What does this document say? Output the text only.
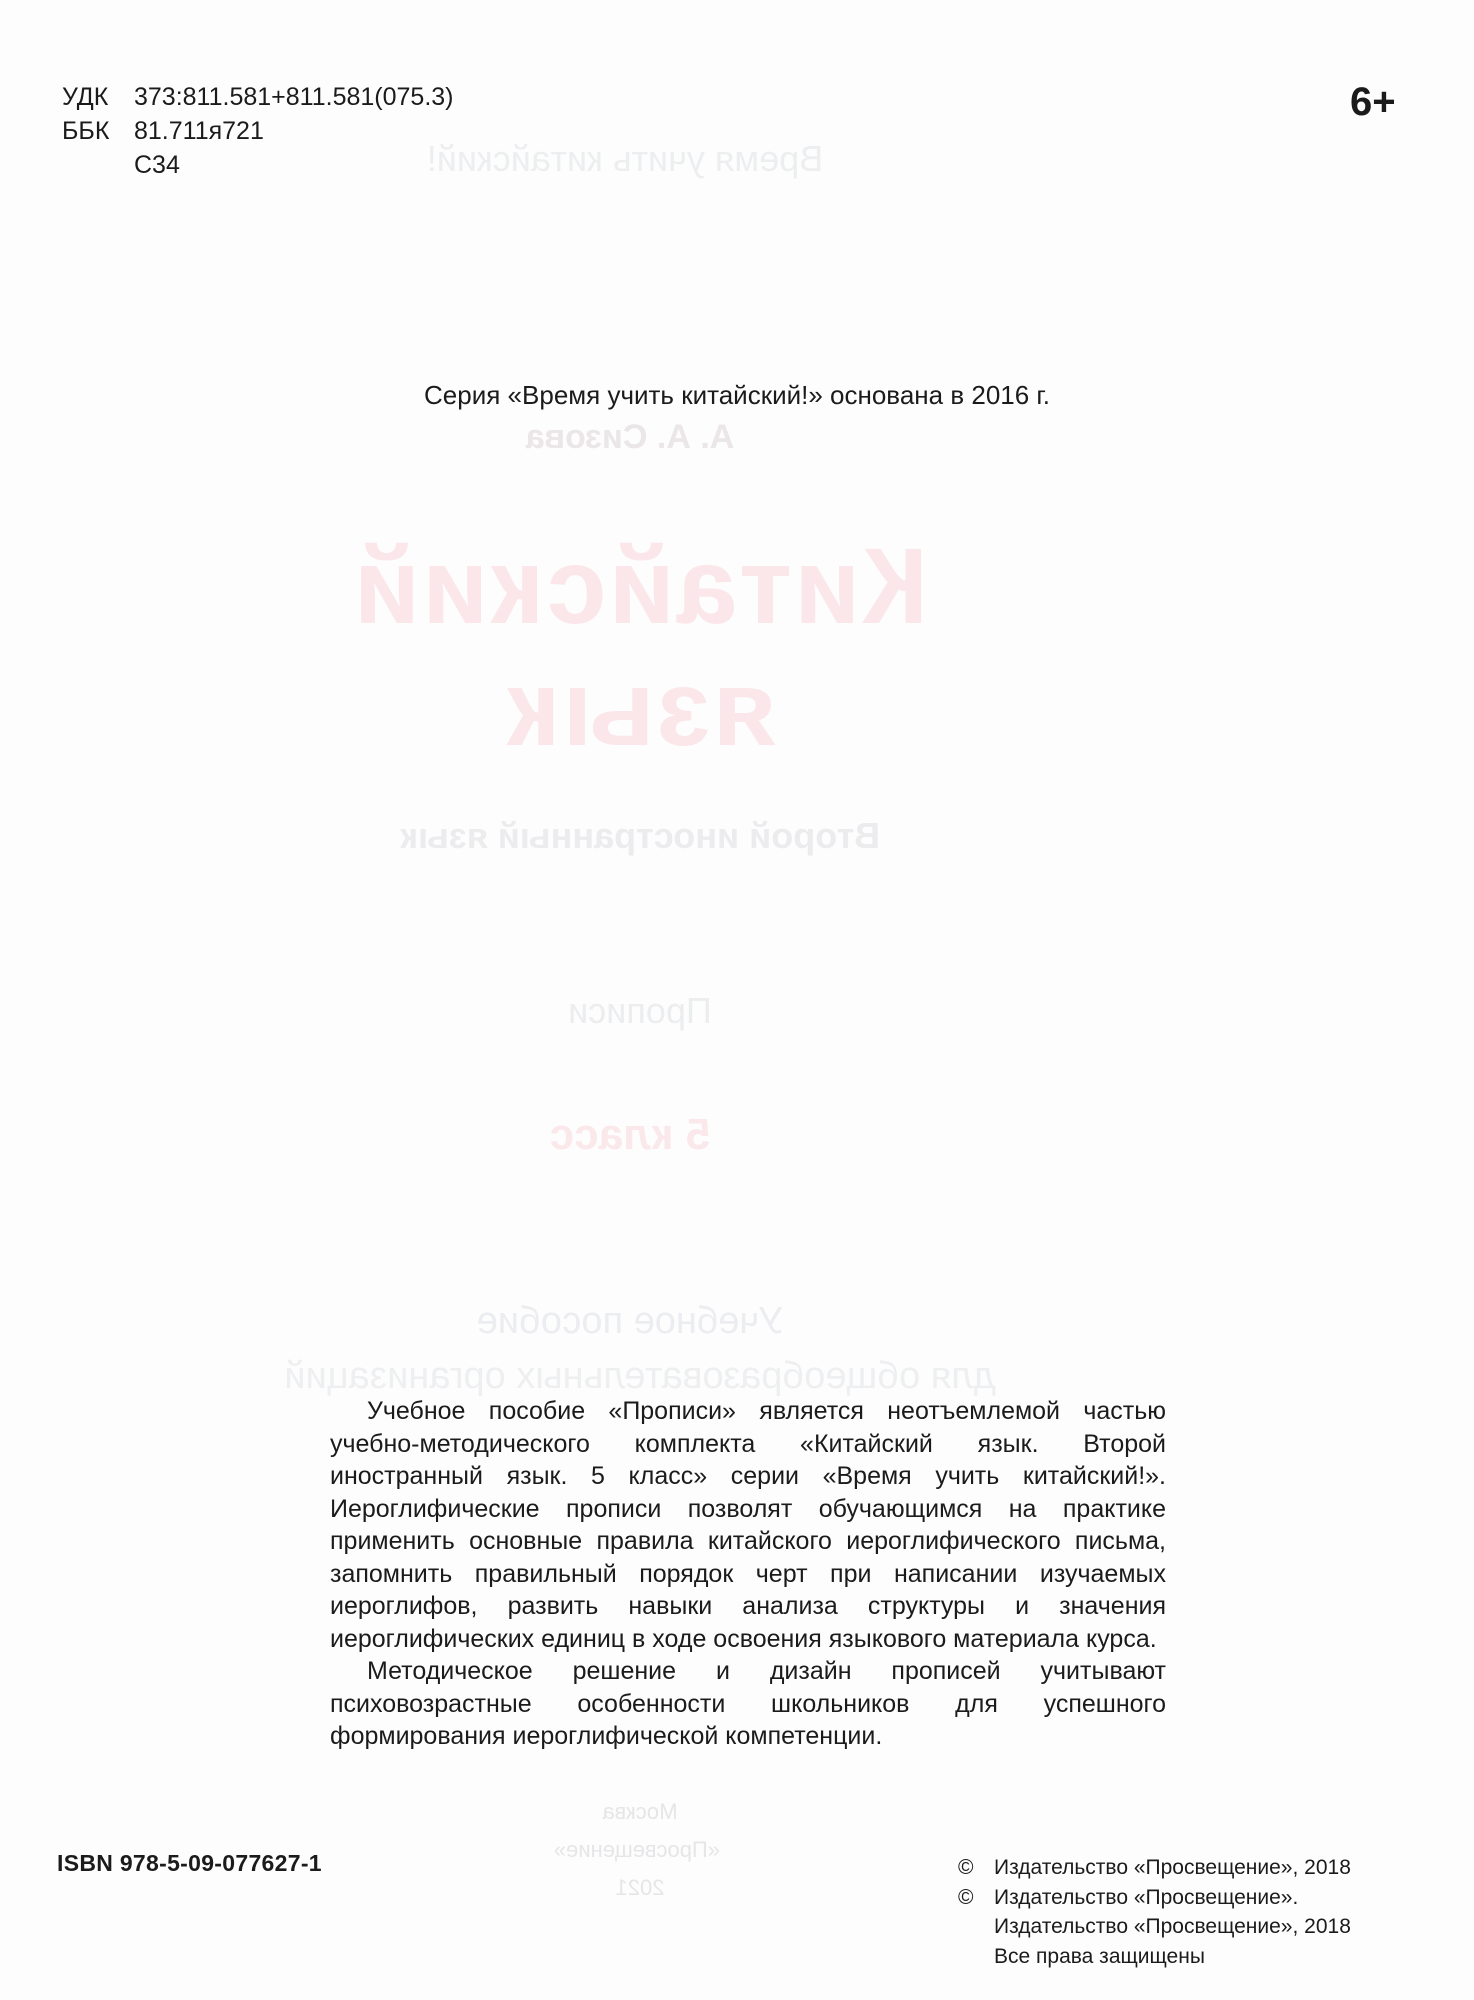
Время учить китайский!
А. А. Сизова
Китайский язык
Второй иностранный язык
Прописи
5 класс
Учебное пособие
для общеобразовательных организаций
Москва «Просвещение» 2021
УДК	373:811.581+811.581(075.3)
ББК 81.711я721
С34
6+
Серия «Время учить китайский!» основана в 2016 г.

Учебное пособие «Прописи» является неотъемлемой частью учебно-методического комплекта «Китайский язык. Второй иностранный язык. 5 класс» серии «Время учить китайский!». Иероглифические прописи позволят обучающимся на практике применить основные правила китайского иероглифического письма, запомнить правильный порядок черт при написании изучаемых иероглифов, развить навыки анализа структуры и значения иероглифических единиц в ходе освоения языкового материала курса.

Методическое решение и дизайн прописей учитывают психовозрастные особенности школьников для успешного формирования иероглифической компетенции.

ISBN 978-5-09-077627-1	© Издательство «Просвещение», 2018
© Издательство «Просвещение».
Издательство «Просвещение», 2018
Все права защищены
